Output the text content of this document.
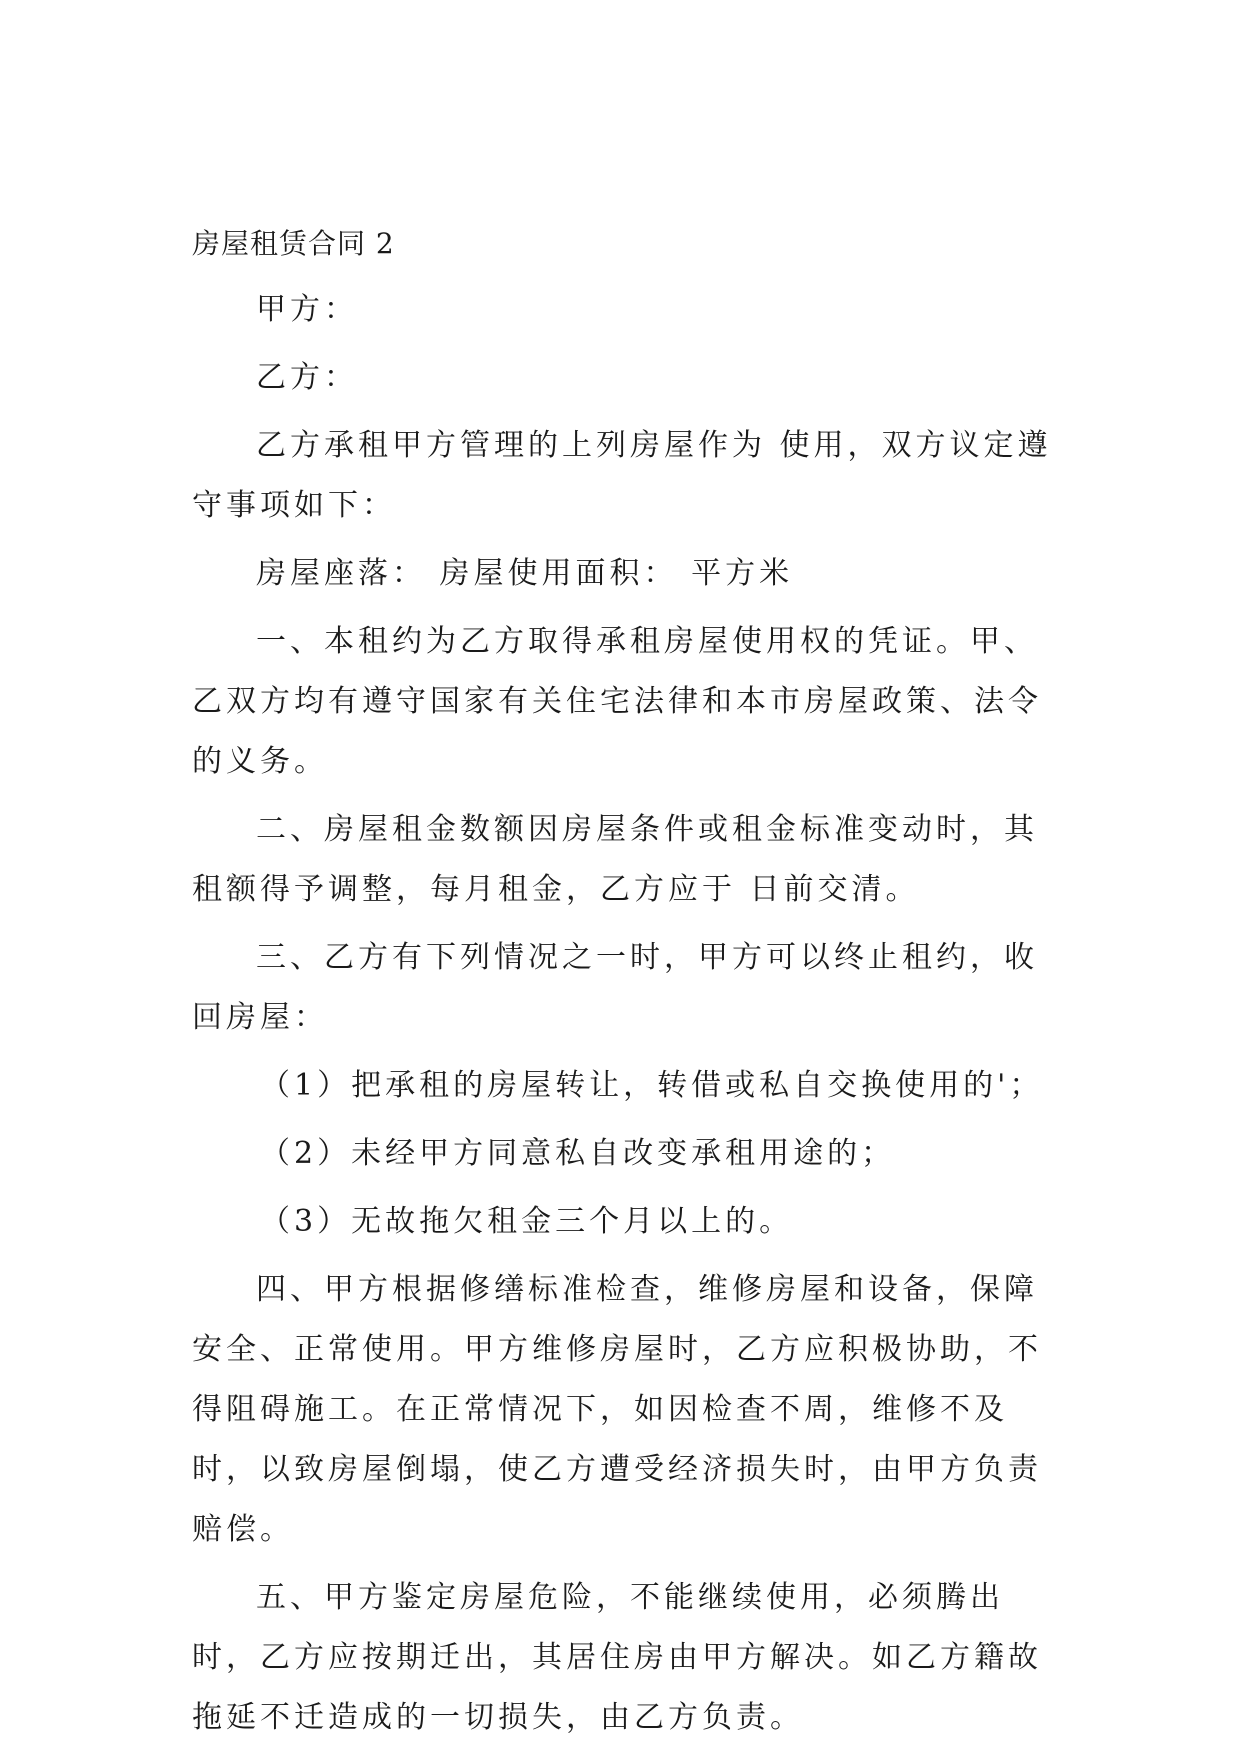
房屋租赁合同 2
甲方：
乙方：
乙方承租甲方管理的上列房屋作为 使用，双方议定遵守事项如下：
房屋座落： 房屋使用面积： 平方米
一、本租约为乙方取得承租房屋使用权的凭证。甲、乙双方均有遵守国家有关住宅法律和本市房屋政策、法令的义务。
二、房屋租金数额因房屋条件或租金标准变动时，其租额得予调整，每月租金，乙方应于 日前交清。
三、乙方有下列情况之一时，甲方可以终止租约，收回房屋：
（1）把承租的房屋转让，转借或私自交换使用的'；
（2）未经甲方同意私自改变承租用途的；
（3）无故拖欠租金三个月以上的。
四、甲方根据修缮标准检查，维修房屋和设备，保障安全、正常使用。甲方维修房屋时，乙方应积极协助，不得阻碍施工。在正常情况下，如因检查不周，维修不及时，以致房屋倒塌，使乙方遭受经济损失时，由甲方负责赔偿。
五、甲方鉴定房屋危险，不能继续使用，必须腾出时，乙方应按期迁出，其居住房由甲方解决。如乙方籍故拖延不迁造成的一切损失，由乙方负责。
